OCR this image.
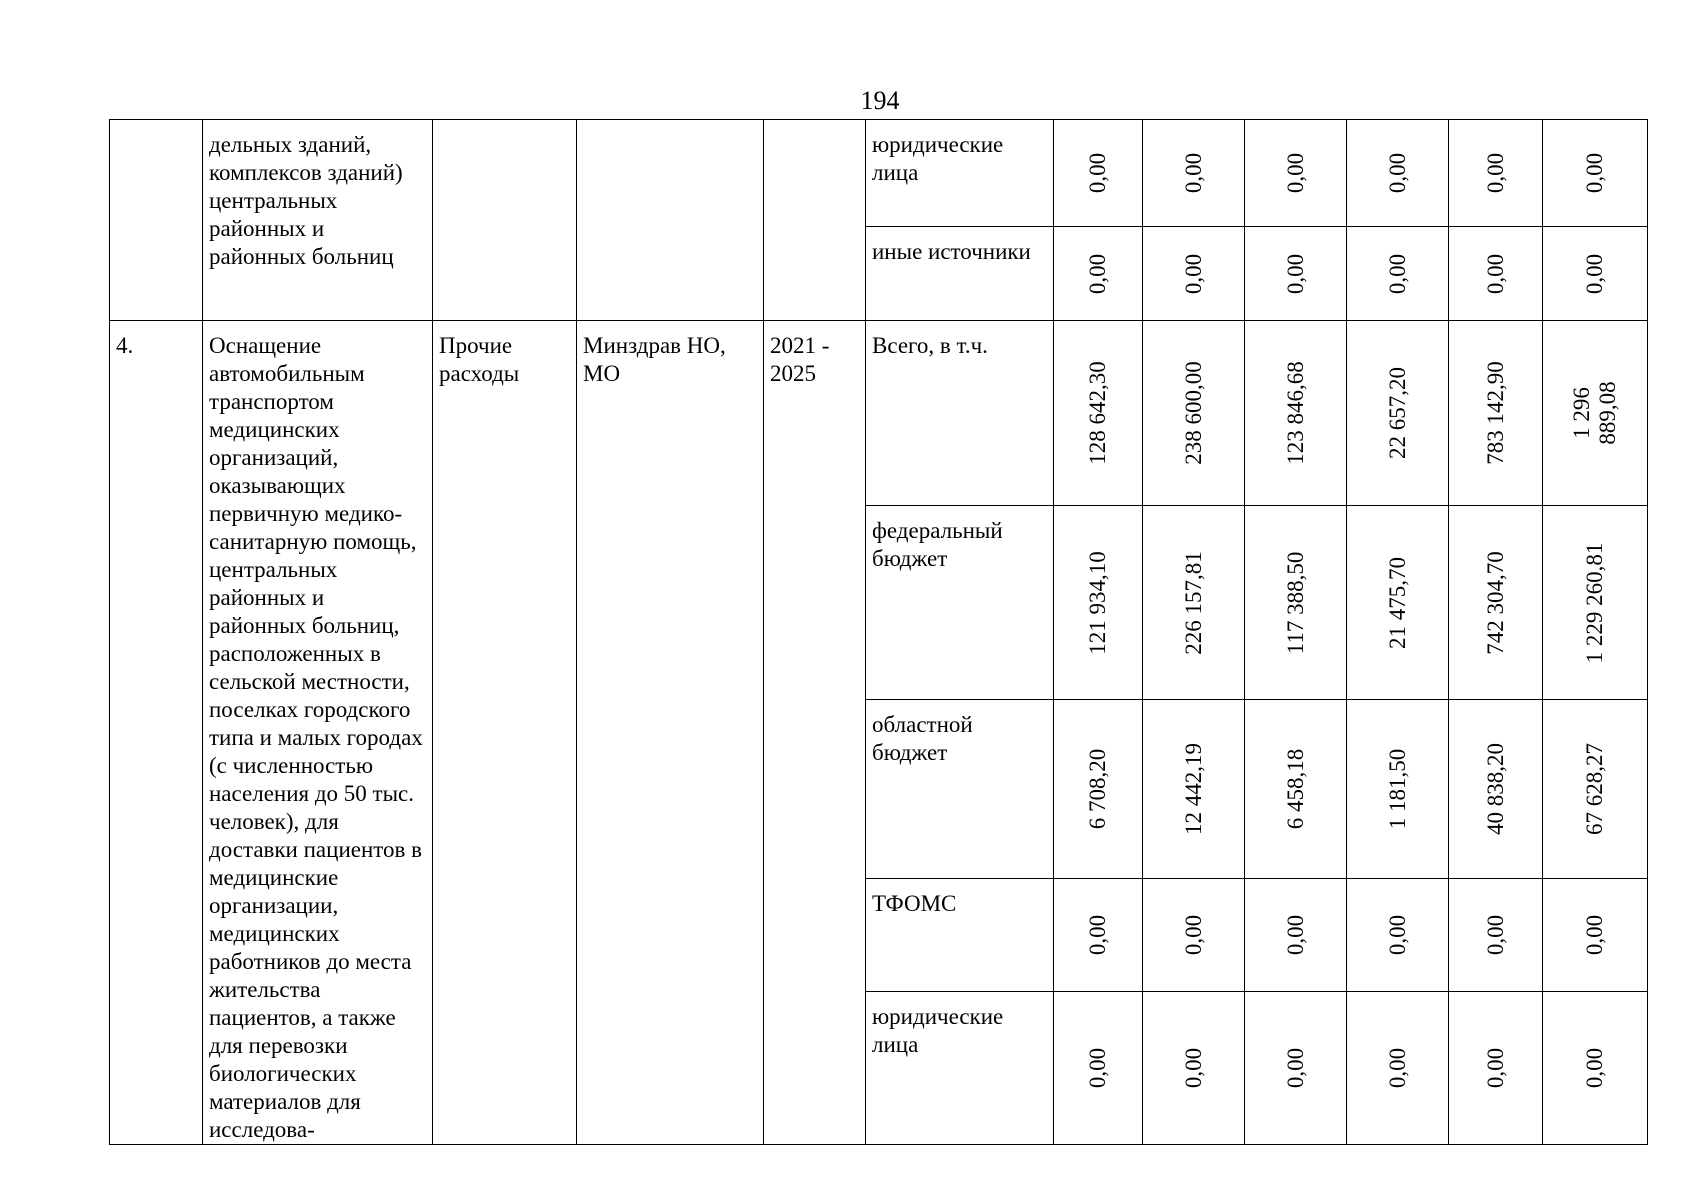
194
	дельных зданий, комплексов зданий) центральных районных и районных больниц				юридические лица	0,00	0,00	0,00	0,00	0,00	0,00

					иные источники	0,00	0,00	0,00	0,00	0,00	0,00

4.	Оснащение автомобильным транспортом медицинских организаций, оказывающих первичную медико-санитарную помощь, центральных районных и районных больниц, расположенных в сельской местности, поселках городского типа и малых городах (с численностью населения до 50 тыс. человек), для доставки пациентов в медицинские организации, медицинских работников до места жительства пациентов, а также для перевозки биологических материалов для исследова-	Прочие расходы	Минздрав НО, МО	2021 - 2025	Всего, в т.ч.	128 642,30	238 600,00	123 846,68	22 657,20	783 142,90	1 296 889,08

					федеральный бюджет	121 934,10	226 157,81	117 388,50	21 475,70	742 304,70	1 229 260,81

					областной бюджет	6 708,20	12 442,19	6 458,18	1 181,50	40 838,20	67 628,27

					ТФОМС	0,00	0,00	0,00	0,00	0,00	0,00

					юридические лица	0,00	0,00	0,00	0,00	0,00	0,00
